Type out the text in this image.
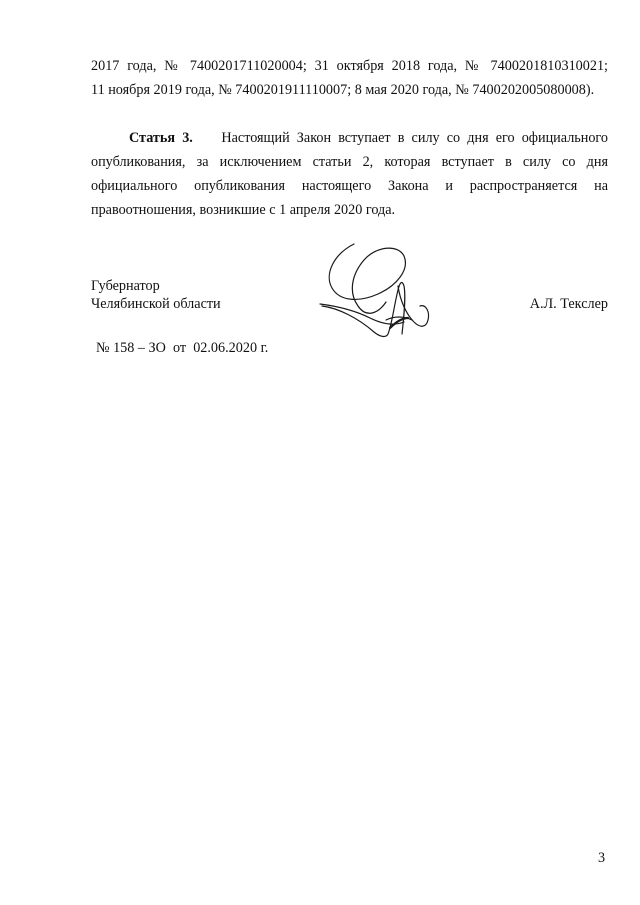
2017 года, № 7400201711020004; 31 октября 2018 года, № 7400201810310021;
11 ноября 2019 года, № 7400201911110007; 8 мая 2020 года, № 7400202005080008).
Статья 3. Настоящий Закон вступает в силу со дня его официального
опубликования, за исключением статьи 2, которая вступает в силу со дня
официального опубликования настоящего Закона и распространяется на
правоотношения, возникшие с 1 апреля 2020 года.
Губернатор
Челябинской области	А.Л. Текслер
№ 158 – ЗО  от  02.06.2020 г.
3
